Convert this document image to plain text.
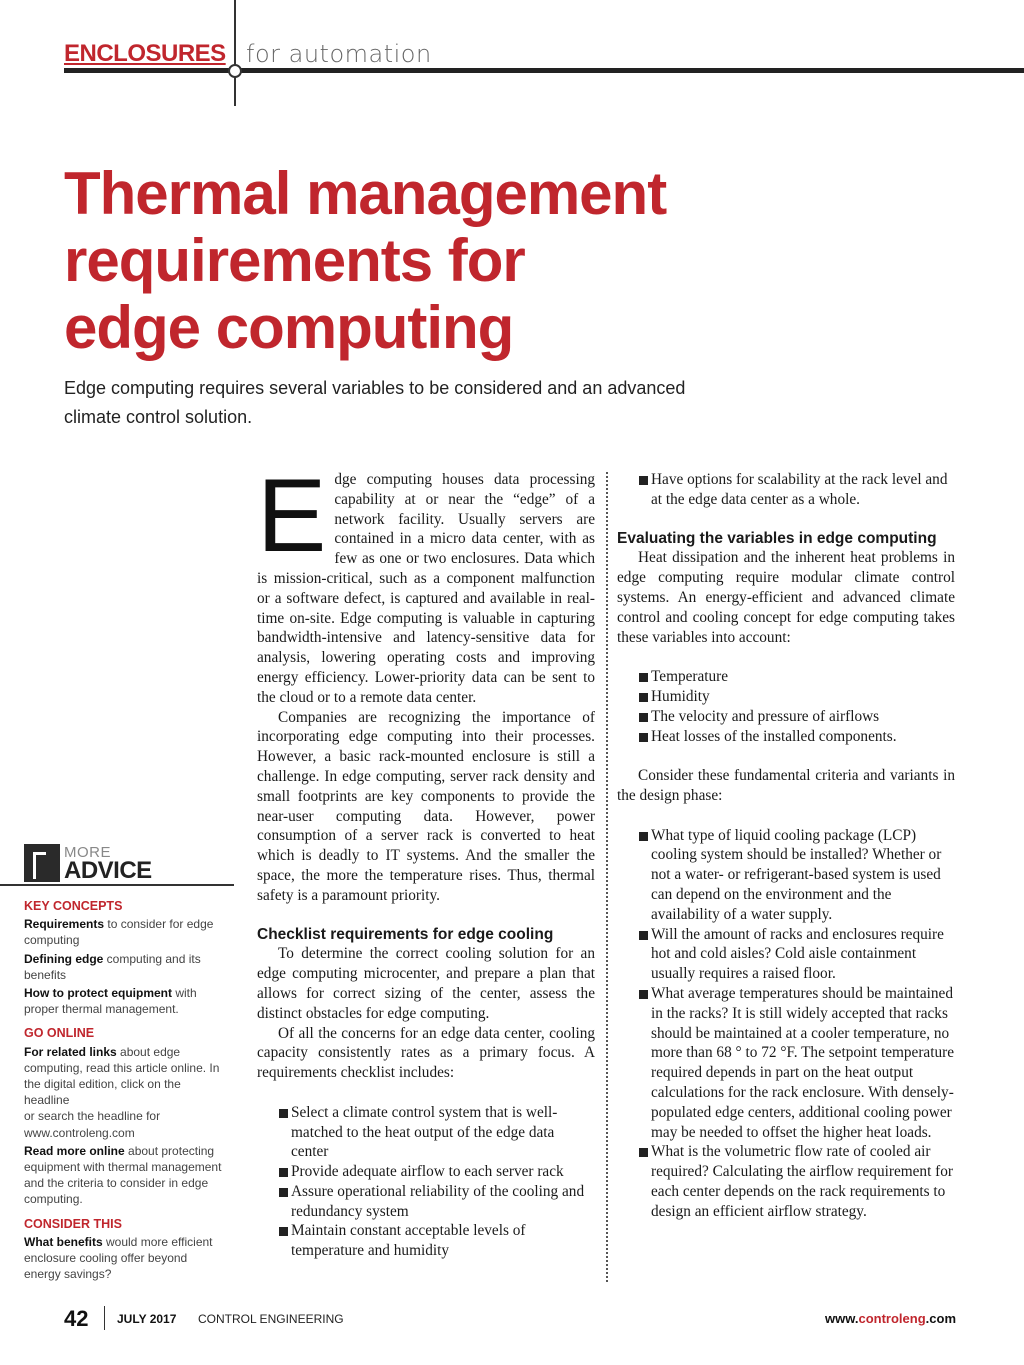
ENCLOSURES for automation
Thermal management
requirements for
edge computing
Edge computing requires several variables to be considered and an advanced climate control solution.

Edge computing houses data processing capability at or near the “edge” of a network facility. Usually servers are contained in a micro data center, with as few as one or two enclosures. Data which is mission-critical, such as a component malfunction or a software defect, is captured and available in real-time on-site. Edge computing is valuable in capturing bandwidth-intensive and latency-sensitive data for analysis, lowering operating costs and improving energy efficiency. Lower-priority data can be sent to the cloud or to a remote data center.

Companies are recognizing the importance of incorporating edge computing into their processes. However, a basic rack-mounted enclosure is still a challenge. In edge computing, server rack density and small footprints are key components to provide the near-user computing data. However, power consumption of a server rack is converted to heat which is deadly to IT systems. And the smaller the space, the more the temperature rises. Thus, thermal safety is a paramount priority.

Checklist requirements for edge cooling

To determine the correct cooling solution for an edge computing microcenter, and prepare a plan that allows for correct sizing of the center, assess the distinct obstacles for edge computing.

Of all the concerns for an edge data center, cooling capacity consistently rates as a primary focus. A requirements checklist includes:

Select a climate control system that is well-matched to the heat output of the edge data center
Provide adequate airflow to each server rack
Assure operational reliability of the cooling and redundancy system
Maintain constant acceptable levels of temperature and humidity
Have options for scalability at the rack level and at the edge data center as a whole.
Evaluating the variables in edge computing

Heat dissipation and the inherent heat problems in edge computing require modular climate control systems. An energy-efficient and advanced climate control and cooling concept for edge computing takes these variables into account:

Temperature
Humidity
The velocity and pressure of airflows
Heat losses of the installed components.

Consider these fundamental criteria and variants in the design phase:

What type of liquid cooling package (LCP) cooling system should be installed? Whether or not a water- or refrigerant-based system is used can depend on the environment and the availability of a water supply.
Will the amount of racks and enclosures require hot and cold aisles? Cold aisle containment usually requires a raised floor.
What average temperatures should be maintained in the racks? It is still widely accepted that racks should be maintained at a cooler temperature, no more than 68 ° to 72 °F. The setpoint temperature required depends in part on the heat output calculations for the rack enclosure. With densely-populated edge centers, additional cooling power may be needed to offset the higher heat loads.
What is the volumetric flow rate of cooled air required? Calculating the airflow requirement for each center depends on the rack requirements to design an efficient airflow strategy.
MORE
ADVICE
KEY CONCEPTS
Requirements to consider for edge computing
Defining edge computing and its benefits
How to protect equipment with proper thermal management.
GO ONLINE
For related links about edge computing, read this article online. In the digital edition, click on the headline
or search the headline for www.controleng.com
Read more online about protecting equipment with thermal management and the criteria to consider in edge computing.
CONSIDER THIS
What benefits would more efficient enclosure cooling offer beyond energy savings?
42 JULY 2017 CONTROL ENGINEERING	www.controleng.com
